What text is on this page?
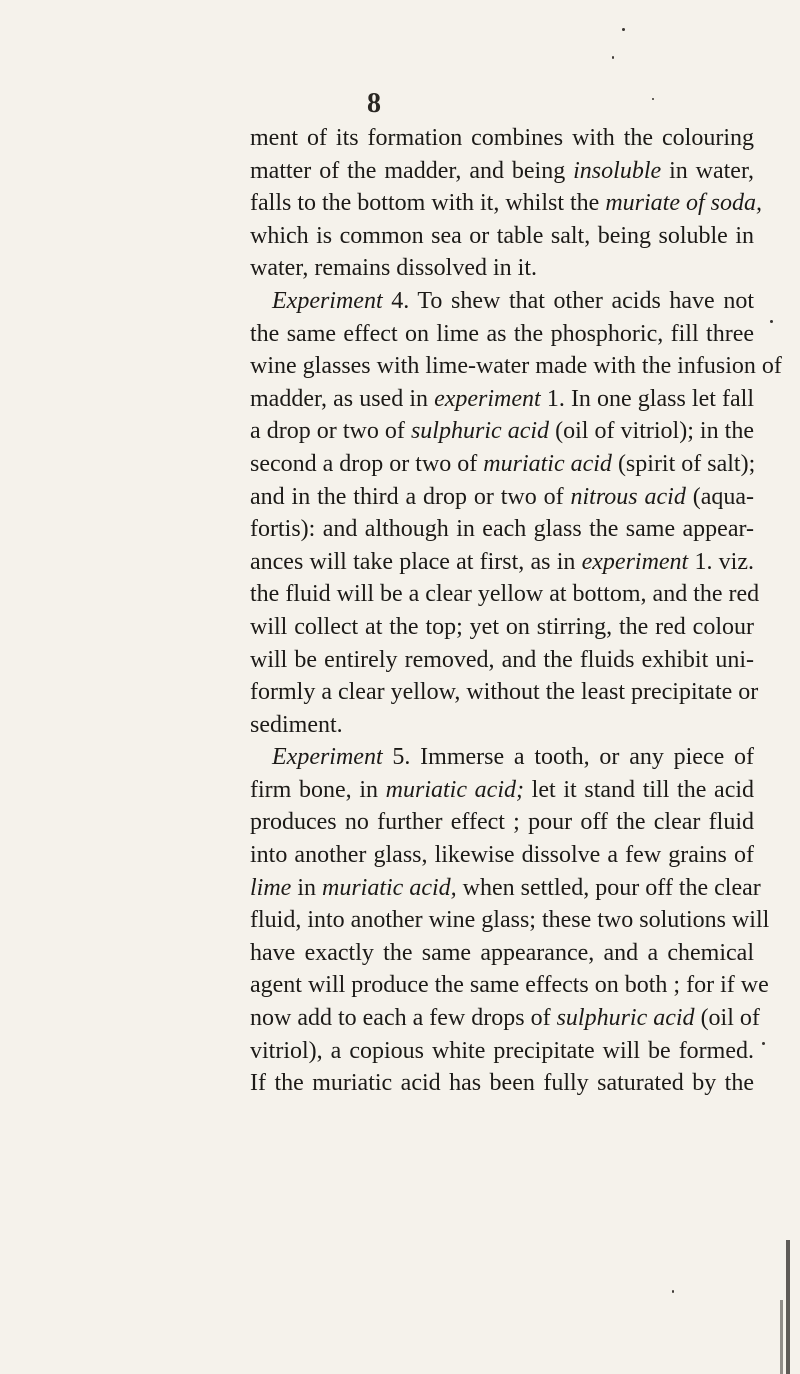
8
ment of its formation combines with the colouring
matter of the madder, and being insoluble in water,
falls to the bottom with it, whilst the muriate of soda,
which is common sea or table salt, being soluble in
water, remains dissolved in it.
Experiment 4. To shew that other acids have not
the same effect on lime as the phosphoric, fill three
wine glasses with lime-water made with the infusion of
madder, as used in experiment 1. In one glass let fall
a drop or two of sulphuric acid (oil of vitriol); in the
second a drop or two of muriatic acid (spirit of salt);
and in the third a drop or two of nitrous acid (aqua-
fortis): and although in each glass the same appear-
ances will take place at first, as in experiment 1. viz.
the fluid will be a clear yellow at bottom, and the red
will collect at the top; yet on stirring, the red colour
will be entirely removed, and the fluids exhibit uni-
formly a clear yellow, without the least precipitate or
sediment.
Experiment 5. Immerse a tooth, or any piece of
firm bone, in muriatic acid; let it stand till the acid
produces no further effect ; pour off the clear fluid
into another glass, likewise dissolve a few grains of
lime in muriatic acid, when settled, pour off the clear
fluid, into another wine glass; these two solutions will
have exactly the same appearance, and a chemical
agent will produce the same effects on both ; for if we
now add to each a few drops of sulphuric acid (oil of
vitriol), a copious white precipitate will be formed.
If the muriatic acid has been fully saturated by the
